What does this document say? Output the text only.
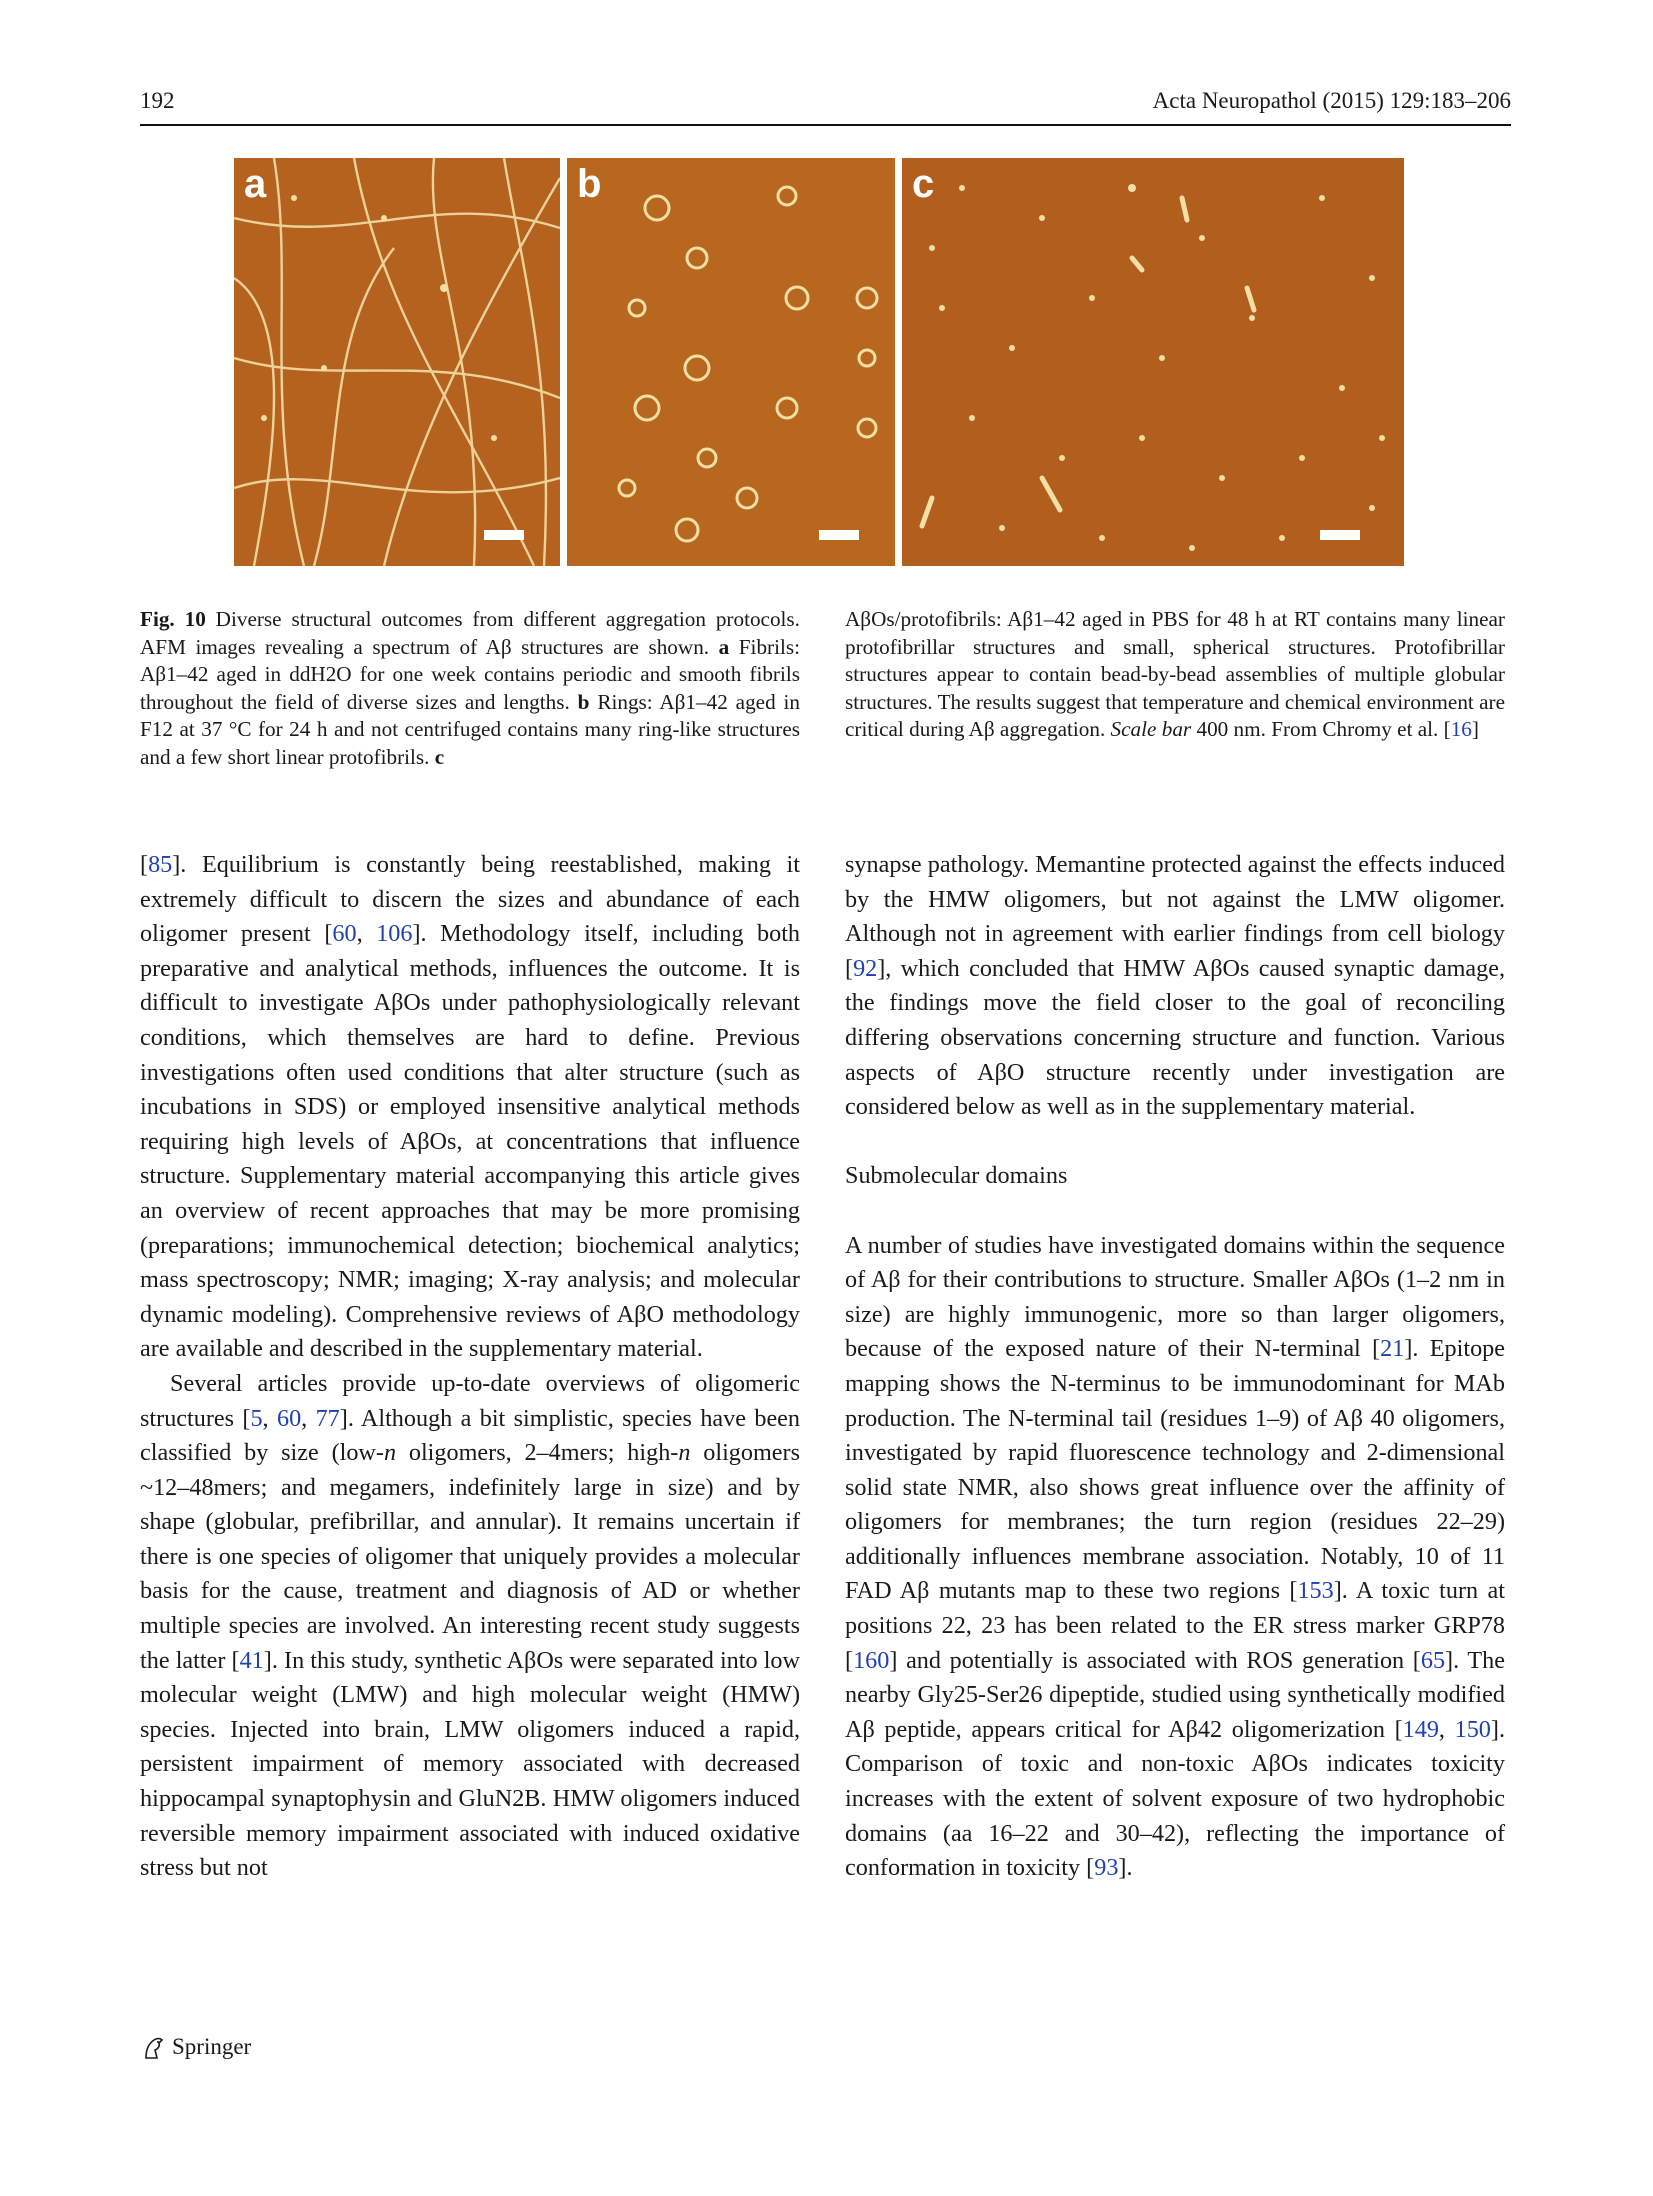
192	Acta Neuropathol (2015) 129:183–206
a	b	c
Fig. 10 Diverse structural outcomes from different aggregation protocols. AFM images revealing a spectrum of Aβ structures are shown. a Fibrils: Aβ1–42 aged in ddH2O for one week contains periodic and smooth fibrils throughout the field of diverse sizes and lengths. b Rings: Aβ1–42 aged in F12 at 37 °C for 24 h and not centrifuged contains many ring-like structures and a few short linear protofibrils. c
AβOs/protofibrils: Aβ1–42 aged in PBS for 48 h at RT contains many linear protofibrillar structures and small, spherical structures. Protofibrillar structures appear to contain bead-by-bead assemblies of multiple globular structures. The results suggest that temperature and chemical environment are critical during Aβ aggregation. Scale bar 400 nm. From Chromy et al. [16]

[85]. Equilibrium is constantly being reestablished, making it extremely difficult to discern the sizes and abundance of each oligomer present [60, 106]. Methodology itself, including both preparative and analytical methods, influences the outcome. It is difficult to investigate AβOs under pathophysiologically relevant conditions, which themselves are hard to define. Previous investigations often used conditions that alter structure (such as incubations in SDS) or employed insensitive analytical methods requiring high levels of AβOs, at concentrations that influence structure. Supplementary material accompanying this article gives an overview of recent approaches that may be more promising (preparations; immunochemical detection; biochemical analytics; mass spectroscopy; NMR; imaging; X-ray analysis; and molecular dynamic modeling). Comprehensive reviews of AβO methodology are available and described in the supplementary material.

Several articles provide up-to-date overviews of oligomeric structures [5, 60, 77]. Although a bit simplistic, species have been classified by size (low-n oligomers, 2–4mers; high-n oligomers ~12–48mers; and megamers, indefinitely large in size) and by shape (globular, prefibrillar, and annular). It remains uncertain if there is one species of oligomer that uniquely provides a molecular basis for the cause, treatment and diagnosis of AD or whether multiple species are involved. An interesting recent study suggests the latter [41]. In this study, synthetic AβOs were separated into low molecular weight (LMW) and high molecular weight (HMW) species. Injected into brain, LMW oligomers induced a rapid, persistent impairment of memory associated with decreased hippocampal synaptophysin and GluN2B. HMW oligomers induced reversible memory impairment associated with induced oxidative stress but not

synapse pathology. Memantine protected against the effects induced by the HMW oligomers, but not against the LMW oligomer. Although not in agreement with earlier findings from cell biology [92], which concluded that HMW AβOs caused synaptic damage, the findings move the field closer to the goal of reconciling differing observations concerning structure and function. Various aspects of AβO structure recently under investigation are considered below as well as in the supplementary material.

Submolecular domains

A number of studies have investigated domains within the sequence of Aβ for their contributions to structure. Smaller AβOs (1–2 nm in size) are highly immunogenic, more so than larger oligomers, because of the exposed nature of their N-terminal [21]. Epitope mapping shows the N-terminus to be immunodominant for MAb production. The N-terminal tail (residues 1–9) of Aβ 40 oligomers, investigated by rapid fluorescence technology and 2-dimensional solid state NMR, also shows great influence over the affinity of oligomers for membranes; the turn region (residues 22–29) additionally influences membrane association. Notably, 10 of 11 FAD Aβ mutants map to these two regions [153]. A toxic turn at positions 22, 23 has been related to the ER stress marker GRP78 [160] and potentially is associated with ROS generation [65]. The nearby Gly25-Ser26 dipeptide, studied using synthetically modified Aβ peptide, appears critical for Aβ42 oligomerization [149, 150]. Comparison of toxic and non-toxic AβOs indicates toxicity increases with the extent of solvent exposure of two hydrophobic domains (aa 16–22 and 30–42), reflecting the importance of conformation in toxicity [93].

Springer
